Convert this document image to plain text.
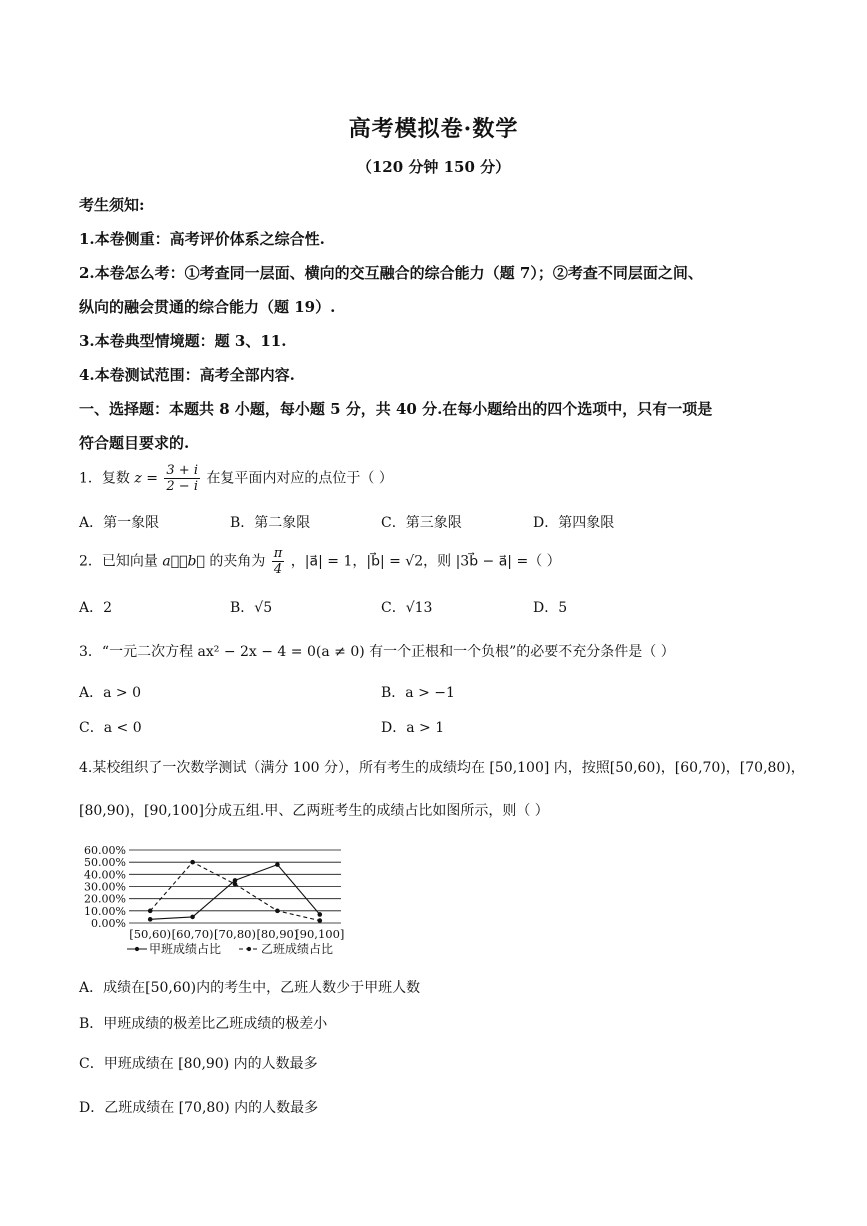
高考模拟卷·数学
（120 分钟 150 分）
考生须知:
1.本卷侧重：高考评价体系之综合性.
2.本卷怎么考：①考查同一层面、横向的交互融合的综合能力（题 7）；②考查不同层面之间、
纵向的融会贯通的综合能力（题 19）.
3.本卷典型情境题：题 3、11.
4.本卷测试范围：高考全部内容.
一、选择题：本题共 8 小题，每小题 5 分，共 40 分.在每小题给出的四个选项中，只有一项是
符合题目要求的.
1．复数 $z = \frac{3 + i}{2 - i}$ 在复平面内对应的点位于（ ）
A．第一象限	B．第二象限	C．第三象限	D．第四象限
2．已知向量 a⃗，b⃗ 的夹角为 $\frac{\pi}{4}$ ，|a⃗| = 1，|b⃗| = √2，则 |3b⃗ − a⃗| =（ ）
A．2	B．√5	C．√13	D．5
3．“一元二次方程 ax² − 2x − 4 = 0(a ≠ 0) 有一个正根和一个负根”的必要不充分条件是（ ）
A．a > 0	B．a > −1
C．a < 0	D．a > 1
4.某校组织了一次数学测试（满分 100 分），所有考生的成绩均在 [50,100] 内，按照[50,60)，[60,70)，[70,80)，
[80,90)，[90,100]分成五组.甲、乙两班考生的成绩占比如图所示，则（ ）
0.00%
10.00%
20.00%
30.00%
40.00%
50.00%
60.00%
[50,60) [60,70) [70,80) [80,90)
[90,100]
甲班成绩占比	乙班成绩占比
A．成绩在[50,60)内的考生中，乙班人数少于甲班人数
B．甲班成绩的极差比乙班成绩的极差小
C．甲班成绩在 [80,90) 内的人数最多
D．乙班成绩在 [70,80) 内的人数最多
